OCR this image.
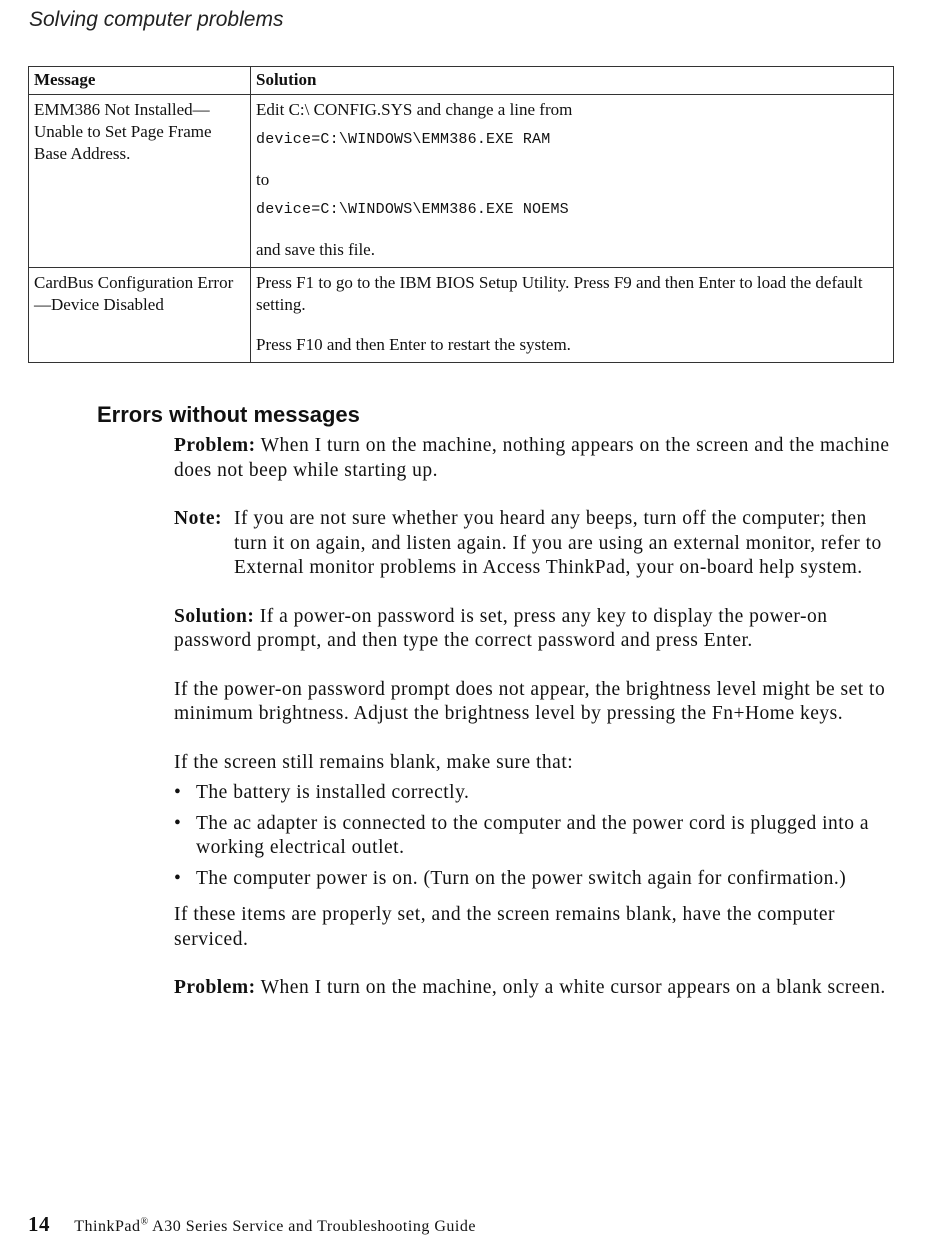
Solving computer problems
Message	Solution
EMM386 Not Installed—Unable to Set Page Frame Base Address.	Edit C:\ CONFIG.SYS and change a line from

device=C:\WINDOWS\EMM386.EXE RAM

to

device=C:\WINDOWS\EMM386.EXE NOEMS

and save this file.

CardBus Configuration Error—Device Disabled	Press F1 to go to the IBM BIOS Setup Utility. Press F9 and then Enter to load the default setting.

Press F10 and then Enter to restart the system.

Errors without messages

Problem: When I turn on the machine, nothing appears on the screen and the machine does not beep while starting up.

Note: If you are not sure whether you heard any beeps, turn off the computer; then turn it on again, and listen again. If you are using an external monitor, refer to External monitor problems in Access ThinkPad, your on-board help system.

Solution: If a power-on password is set, press any key to display the power-on password prompt, and then type the correct password and press Enter.

If the power-on password prompt does not appear, the brightness level might be set to minimum brightness. Adjust the brightness level by pressing the Fn+Home keys.

If the screen still remains blank, make sure that:

• The battery is installed correctly.
• The ac adapter is connected to the computer and the power cord is plugged into a working electrical outlet.
• The computer power is on. (Turn on the power switch again for confirmation.)

If these items are properly set, and the screen remains blank, have the computer serviced.

Problem: When I turn on the machine, only a white cursor appears on a blank screen.

14 ThinkPad® A30 Series Service and Troubleshooting Guide
